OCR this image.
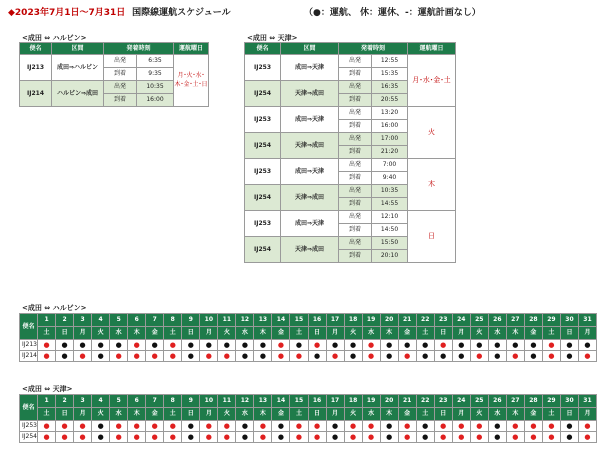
◆2023年7月1日～7月31日 国際線運航スケジュール	（●：運航、 休：運休、-：運航計画なし）
<成田 ⇔ ハルビン>
便名	区間	発着時刻		運航曜日
IJ213	成田⇒ハルビン	出発	6:35	月･火･水･木･金･土･日
		到着	9:35	
IJ214	ハルビン⇒成田	出発	10:35	
		到着	16:00	
<成田 ⇔ 天津>
便名	区間	発着時刻		運航曜日
IJ253	成田⇒天津	出発	12:55	月･水･金･土
		到着	15:35	
IJ254	天津⇒成田	出発	16:35	
		到着	20:55	
IJ253	成田⇒天津	出発	13:20	火
		到着	16:00	
IJ254	天津⇒成田	出発	17:00	
		到着	21:20	
IJ253	成田⇒天津	出発	7:00	木
		到着	9:40	
IJ254	天津⇒成田	出発	10:35	
		到着	14:55	
IJ253	成田⇒天津	出発	12:10	日
		到着	14:50	
IJ254	天津⇒成田	出発	15:50	
		到着	20:10	
<成田 ⇔ ハルビン>
便名	1	2	3	4	5	6	7	8	9	10	11	12	13	14	15	16	17	18	19	20	21	22	23	24	25	26	27	28	29	30	31
	土	日	月	火	水	木	金	土	日	月	火	水	木	金	土	日	月	火	水	木	金	土	日	月	火	水	木	金	土	日	月
IJ213	●	●	●	●	●	●	●	●	●	●	●	●	●	●	●	●	●	●	●	●	●	●	●	●	●	●	●	●	●	●	●
IJ214	●	●	●	●	●	●	●	●	●	●	●	●	●	●	●	●	●	●	●	●	●	●	●	●	●	●	●	●	●	●	●
<成田 ⇔ 天津>
便名	1	2	3	4	5	6	7	8	9	10	11	12	13	14	15	16	17	18	19	20	21	22	23	24	25	26	27	28	29	30	31
	土	日	月	火	水	木	金	土	日	月	火	水	木	金	土	日	月	火	水	木	金	土	日	月	火	水	木	金	土	日	月
IJ253	●	●	●	●	●	●	●	●	●	●	●	●	●	●	●	●	●	●	●	●	●	●	●	●	●	●	●	●	●	●	●
IJ254	●	●	●	●	●	●	●	●	●	●	●	●	●	●	●	●	●	●	●	●	●	●	●	●	●	●	●	●	●	●	●
